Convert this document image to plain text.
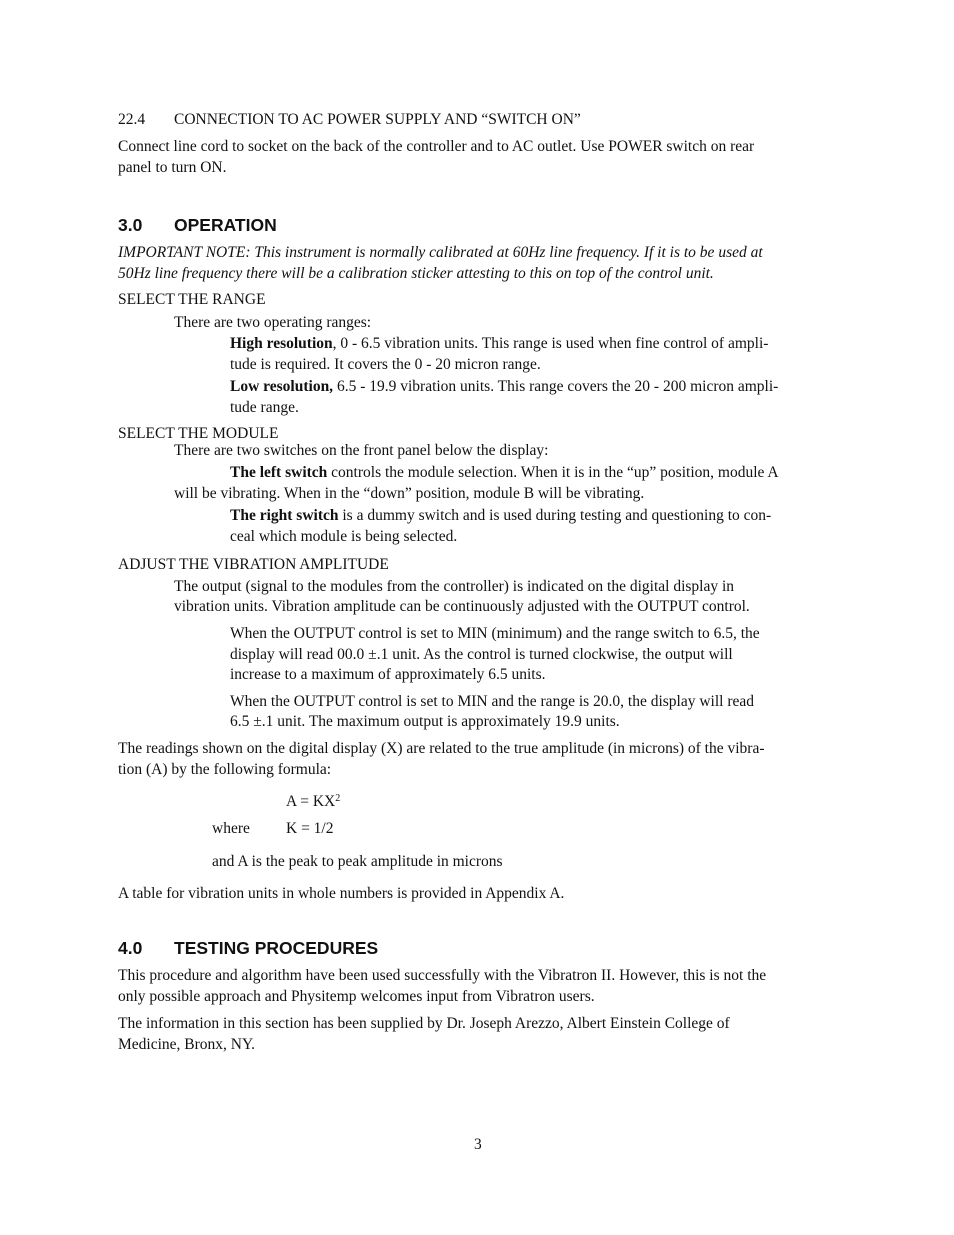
22.4 CONNECTION TO AC POWER SUPPLY AND “SWITCH ON”
Connect line cord to socket on the back of the controller and to AC outlet. Use POWER switch on rear
panel to turn ON.
3.0 OPERATION
IMPORTANT NOTE: This instrument is normally calibrated at 60Hz line frequency. If it is to be used at
50Hz line frequency there will be a calibration sticker attesting to this on top of the control unit.
SELECT THE RANGE
There are two operating ranges:
High resolution, 0 - 6.5 vibration units. This range is used when fine control of ampli-
tude is required. It covers the 0 - 20 micron range.
Low resolution, 6.5 - 19.9 vibration units. This range covers the 20 - 200 micron ampli-
tude range.
SELECT THE MODULE
There are two switches on the front panel below the display:
The left switch controls the module selection. When it is in the “up” position, module A
will be vibrating. When in the “down” position, module B will be vibrating.
The right switch is a dummy switch and is used during testing and questioning to con-
ceal which module is being selected.
ADJUST THE VIBRATION AMPLITUDE
The output (signal to the modules from the controller) is indicated on the digital display in
vibration units. Vibration amplitude can be continuously adjusted with the OUTPUT control.
When the OUTPUT control is set to MIN (minimum) and the range switch to 6.5, the
display will read 00.0 ±.1 unit. As the control is turned clockwise, the output will
increase to a maximum of approximately 6.5 units.
When the OUTPUT control is set to MIN and the range is 20.0, the display will read
6.5 ±.1 unit. The maximum output is approximately 19.9 units.
The readings shown on the digital display (X) are related to the true amplitude (in microns) of the vibra-
tion (A) by the following formula:
$A = KX^2$
where K = 1/2
and A is the peak to peak amplitude in microns
A table for vibration units in whole numbers is provided in Appendix A.
4.0 TESTING PROCEDURES
This procedure and algorithm have been used successfully with the Vibratron II. However, this is not the
only possible approach and Physitemp welcomes input from Vibratron users.
The information in this section has been supplied by Dr. Joseph Arezzo, Albert Einstein College of
Medicine, Bronx, NY.
3
